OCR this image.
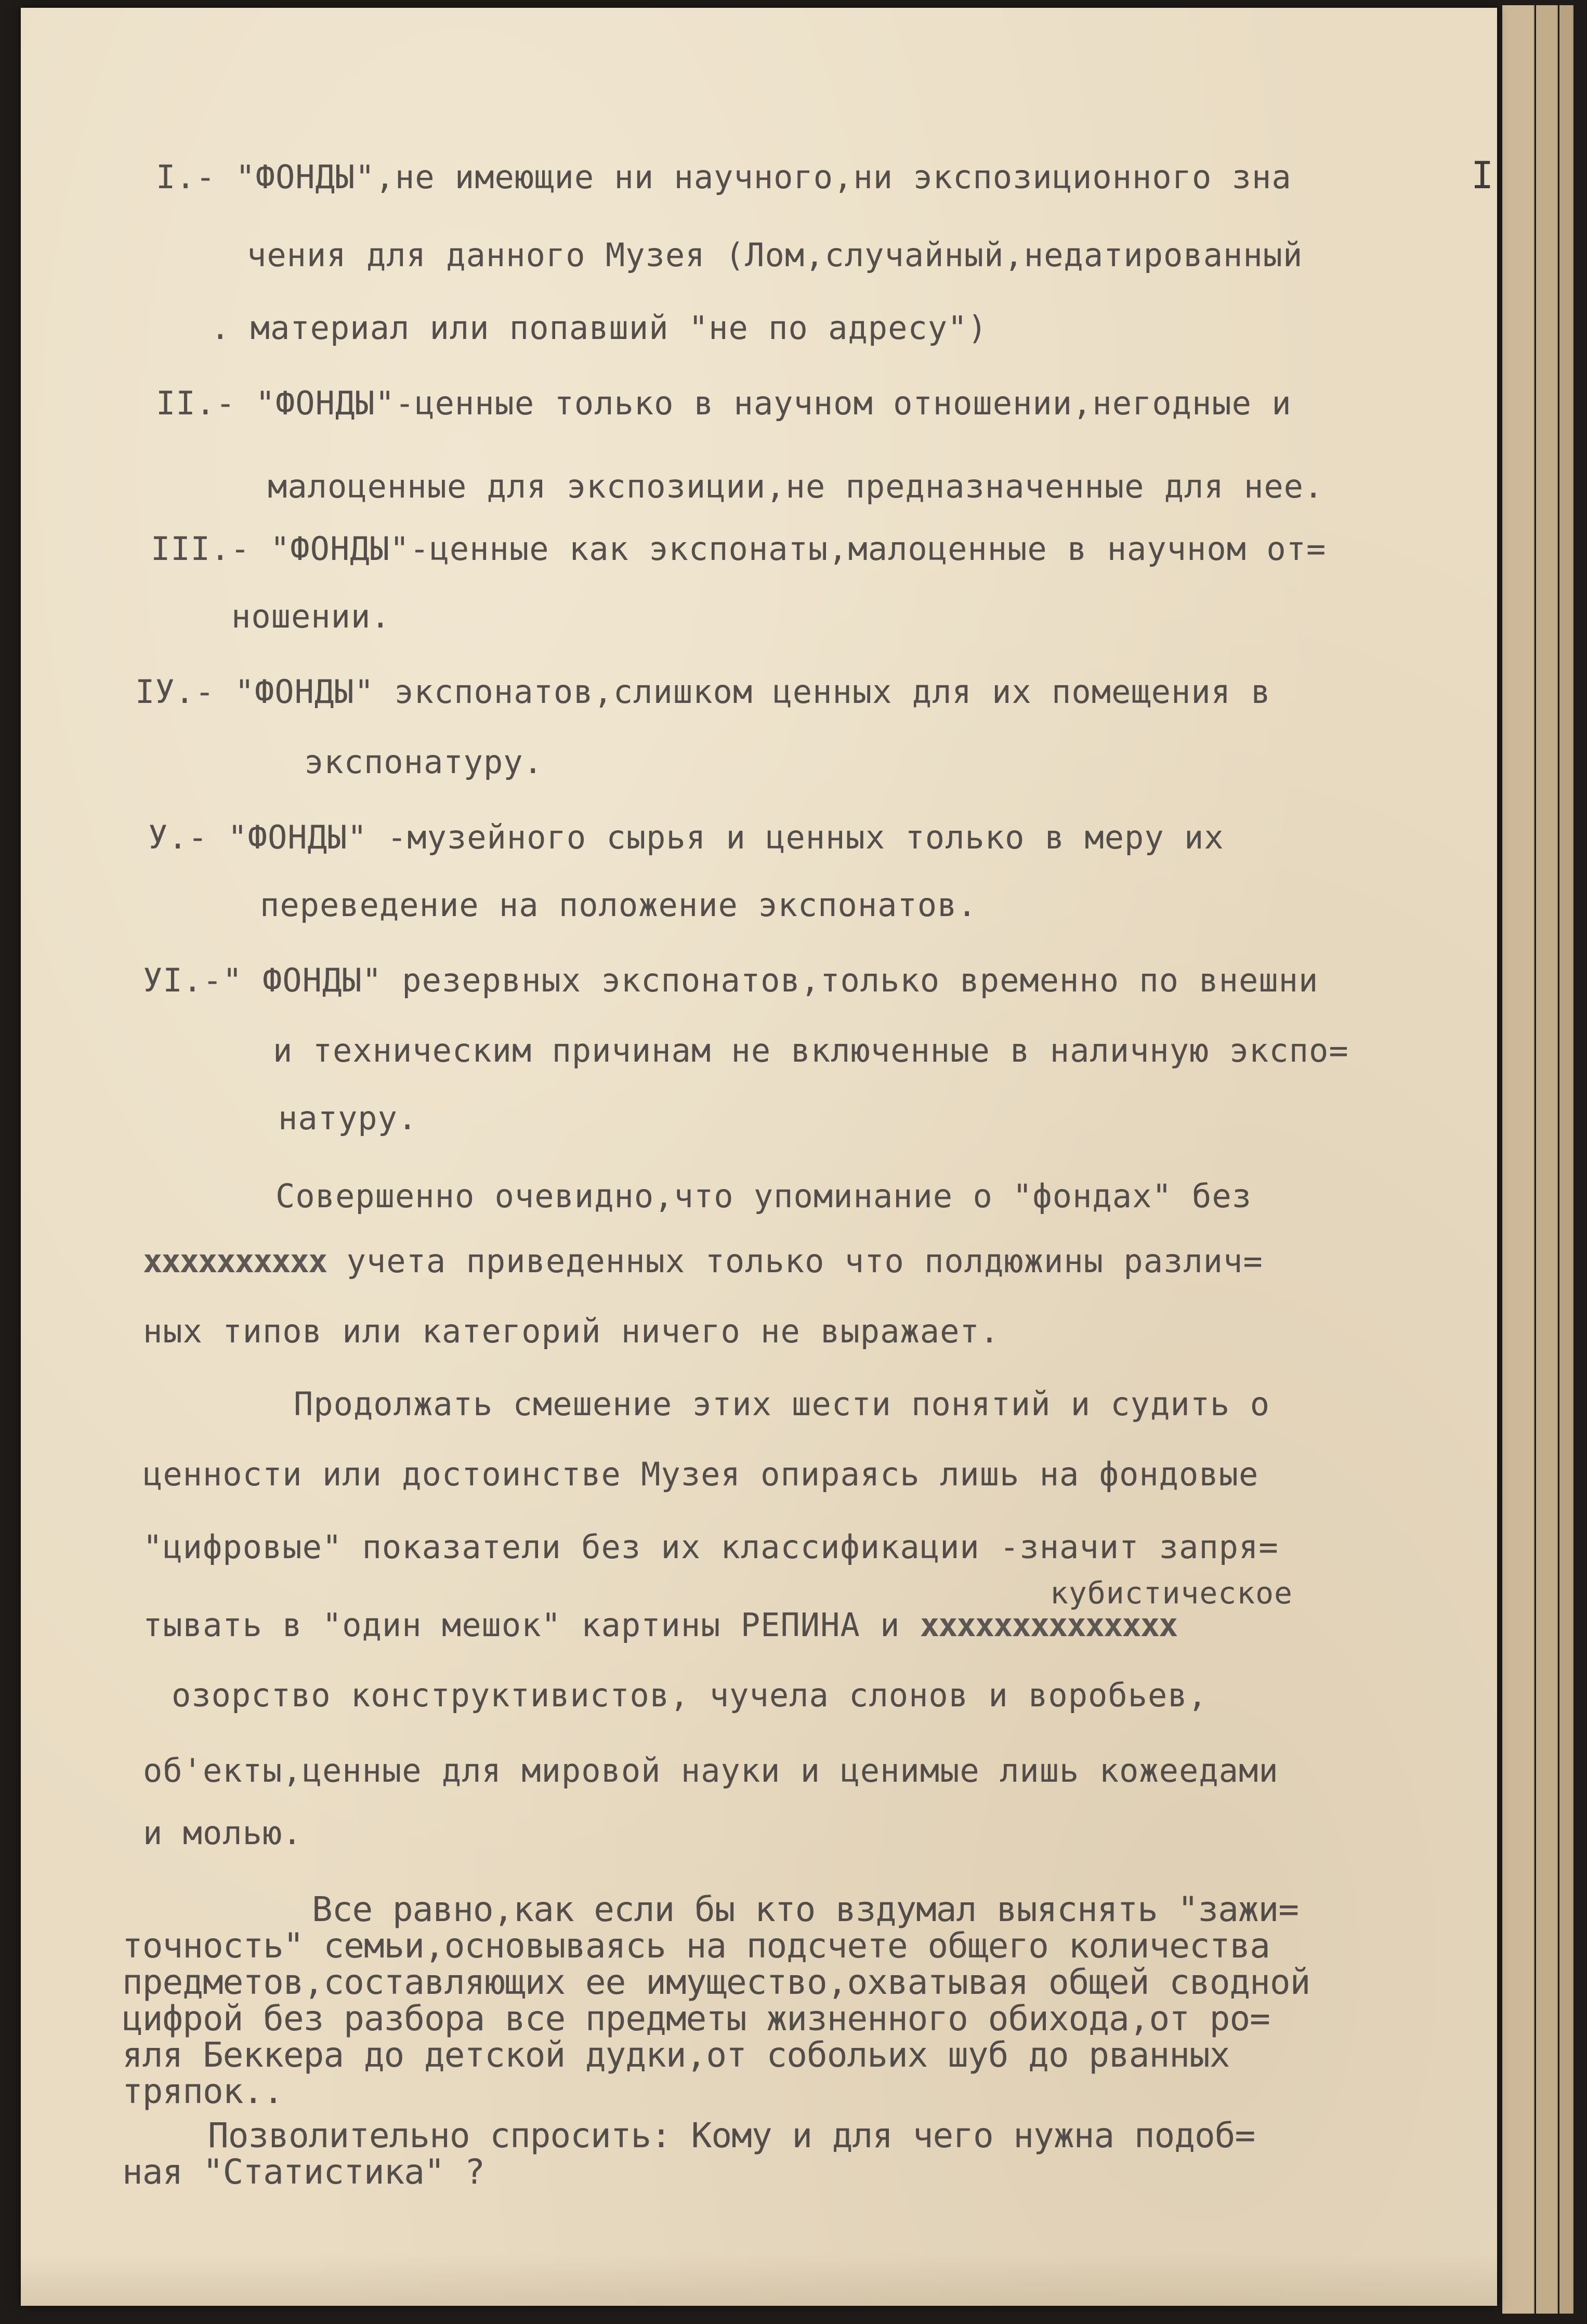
I
I.- "ФОНДЫ",не имеющие ни научного,ни экспозиционного зна
чения для данного Музея (Лом,случайный,недатированный
. материал или попавший "не по адресу")
II.- "ФОНДЫ"-ценные только в научном отношении,негодные и
малоценные для экспозиции,не предназначенные для нее.
III.- "ФОНДЫ"-ценные как экспонаты,малоценные в научном от=
ношении.
IУ.- "ФОНДЫ" экспонатов,слишком ценных для их помещения в
экспонатуру.
У.- "ФОНДЫ" -музейного сырья и ценных только в меру их
переведение на положение экспонатов.
УI.-" ФОНДЫ" резервных экспонатов,только временно по внешни
и техническим причинам не включенные в наличную экспо=
натуру.
Совершенно очевидно,что упоминание о "фондах" без
хххххххххх учета приведенных только что полдюжины различ=
ных типов или категорий ничего не выражает.
Продолжать смешение этих шести понятий и судить о
ценности или достоинстве Музея опираясь лишь на фондовые
"цифровые" показатели без их классификации -значит запря=
кубистическое
тывать в "один мешок" картины РЕПИНА и хххххххххххххх
озорство конструктивистов, чучела слонов и воробьев,
об'екты,ценные для мировой науки и ценимые лишь кожеедами
и молью.
Все равно,как если бы кто вздумал выяснять "зажи=
точность" семьи,основываясь на подсчете общего количества
предметов,составляющих ее имущество,охватывая общей сводной
цифрой без разбора все предметы жизненного обихода,от ро=
яля Беккера до детской дудки,от собольих шуб до рванных
тряпок..
Позволительно спросить: Кому и для чего нужна подоб=
ная "Статистика" ?
